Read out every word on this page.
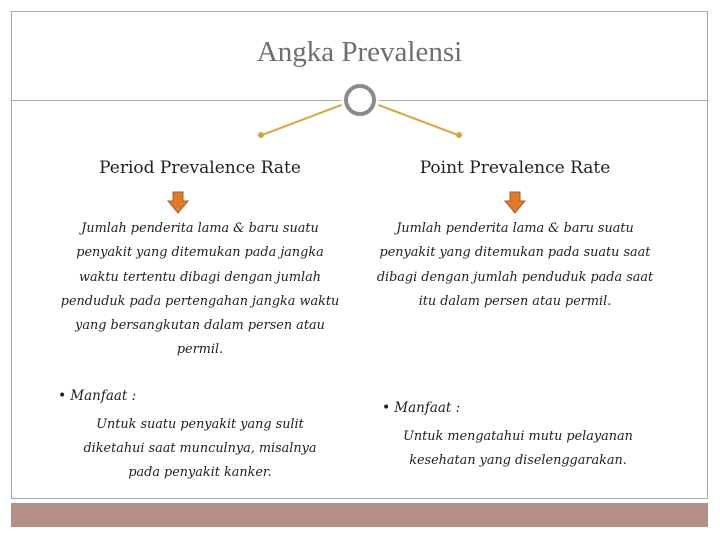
Angka Prevalensi
Period Prevalence Rate
Jumlah penderita lama & baru suatu
penyakit yang ditemukan pada jangka
waktu tertentu dibagi dengan jumlah
penduduk pada pertengahan jangka waktu
yang bersangkutan dalam persen atau
permil.
• Manfaat :
Untuk suatu penyakit yang sulit
diketahui saat munculnya, misalnya
pada penyakit kanker.
Point Prevalence Rate
Jumlah penderita lama & baru suatu
penyakit yang ditemukan pada suatu saat
dibagi dengan jumlah penduduk pada saat
itu dalam persen atau permil.
• Manfaat :
Untuk mengatahui mutu pelayanan
kesehatan yang diselenggarakan.
